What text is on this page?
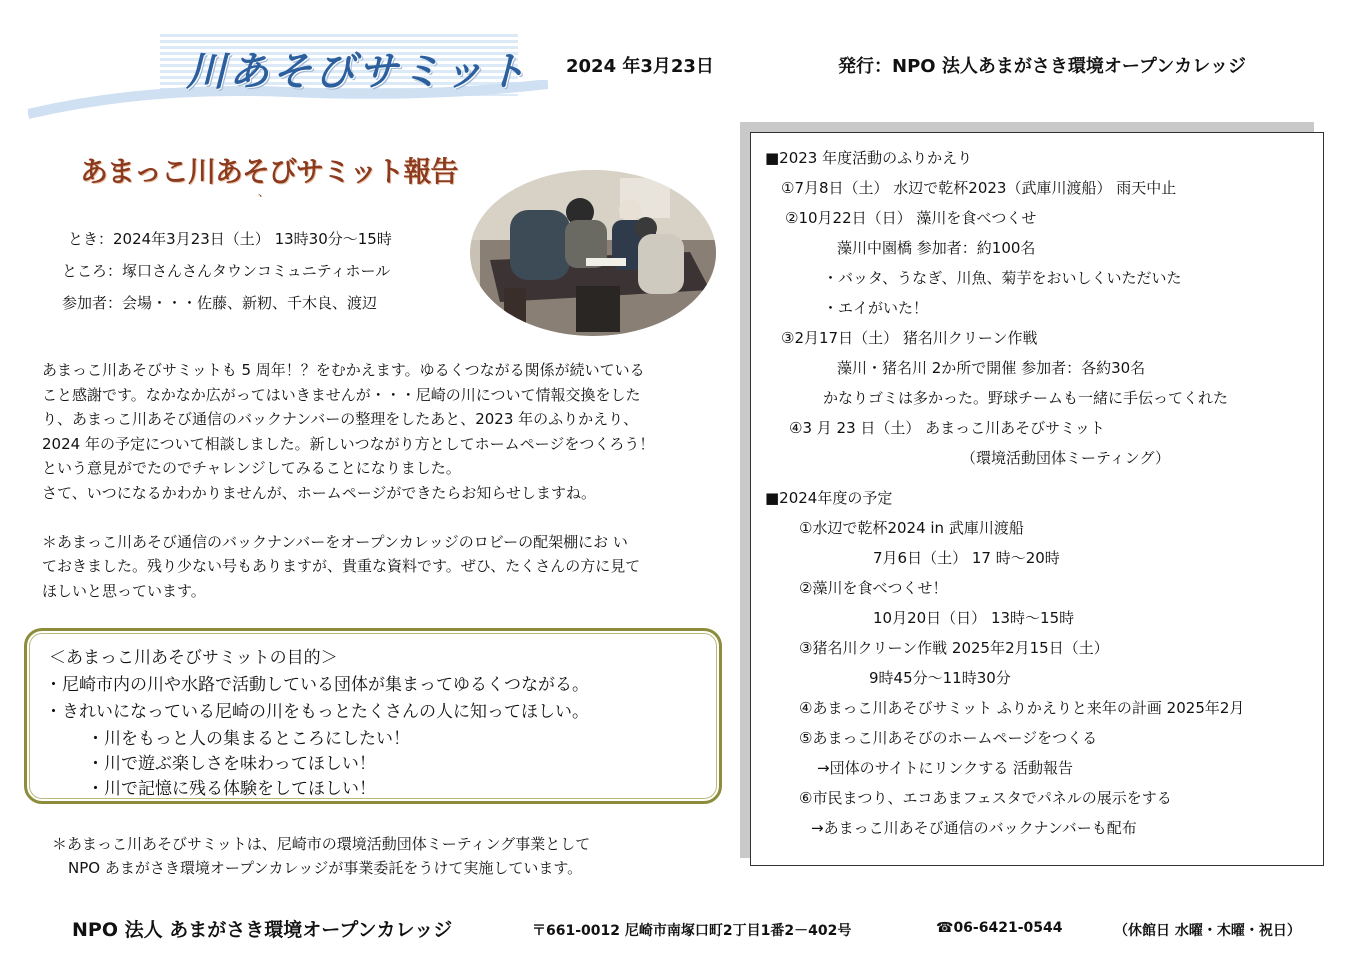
川あそびサミット 2024 年3月23日	発行：NPO 法人あまがさき環境オープンカレッジ
あまっこ川あそびサミット報告
、
とき：2024年3月23日（土） 13時30分～15時
ところ：塚口さんさんタウンコミュニティホール
参加者：会場・・・佐藤、新籾、千木良、渡辺

あまっこ川あそびサミットも 5 周年！？をむかえます。ゆるくつながる関係が続いている

こと感謝です。なかなか広がってはいきませんが・・・尼崎の川について情報交換をした

り、あまっこ川あそび通信のバックナンバーの整理をしたあと、2023 年のふりかえり、

2024 年の予定について相談しました。新しいつながり方としてホームページをつくろう！

という意見がでたのでチャレンジしてみることになりました。

さて、いつになるかわかりませんが、ホームページができたらお知らせしますね。

＊あまっこ川あそび通信のバックナンバーをオープンカレッジのロビーの配架棚にお い

ておきました。残り少ない号もありますが、貴重な資料です。ぜひ、たくさんの方に見て

ほしいと思っています。

＜あまっこ川あそびサミットの目的＞
・尼崎市内の川や水路で活動している団体が集まってゆるくつながる。
・きれいになっている尼崎の川をもっとたくさんの人に知ってほしい。
・川をもっと人の集まるところにしたい！
・川で遊ぶ楽しさを味わってほしい！
・川で記憶に残る体験をしてほしい！
＊あまっこ川あそびサミットは、尼崎市の環境活動団体ミーティング事業として
NPO あまがさき環境オープンカレッジが事業委託をうけて実施しています。
■2023 年度活動のふりかえり
①7月8日（土） 水辺で乾杯2023（武庫川渡船） 雨天中止
②10月22日（日） 藻川を食べつくせ
藻川中園橋 参加者：約100名
・バッタ、うなぎ、川魚、菊芋をおいしくいただいた
・エイがいた！
③2月17日（土） 猪名川クリーン作戦
藻川・猪名川 2か所で開催 参加者：各約30名
かなりゴミは多かった。野球チームも一緒に手伝ってくれた
④3 月 23 日（土） あまっこ川あそびサミット
（環境活動団体ミーティング）
■2024年度の予定
①水辺で乾杯2024 in 武庫川渡船
7月6日（土） 17 時～20時
②藻川を食べつくせ！
10月20日（日） 13時～15時
③猪名川クリーン作戦 2025年2月15日（土）
9時45分～11時30分
④あまっこ川あそびサミット ふりかえりと来年の計画 2025年2月
⑤あまっこ川あそびのホームページをつくる
→団体のサイトにリンクする 活動報告
⑥市民まつり、エコあまフェスタでパネルの展示をする
→あまっこ川あそび通信のバックナンバーも配布
NPO 法人 あまがさき環境オープンカレッジ	〒661-0012 尼崎市南塚口町2丁目1番2－402号	☎06-6421-0544	（休館日 水曜・木曜・祝日）
